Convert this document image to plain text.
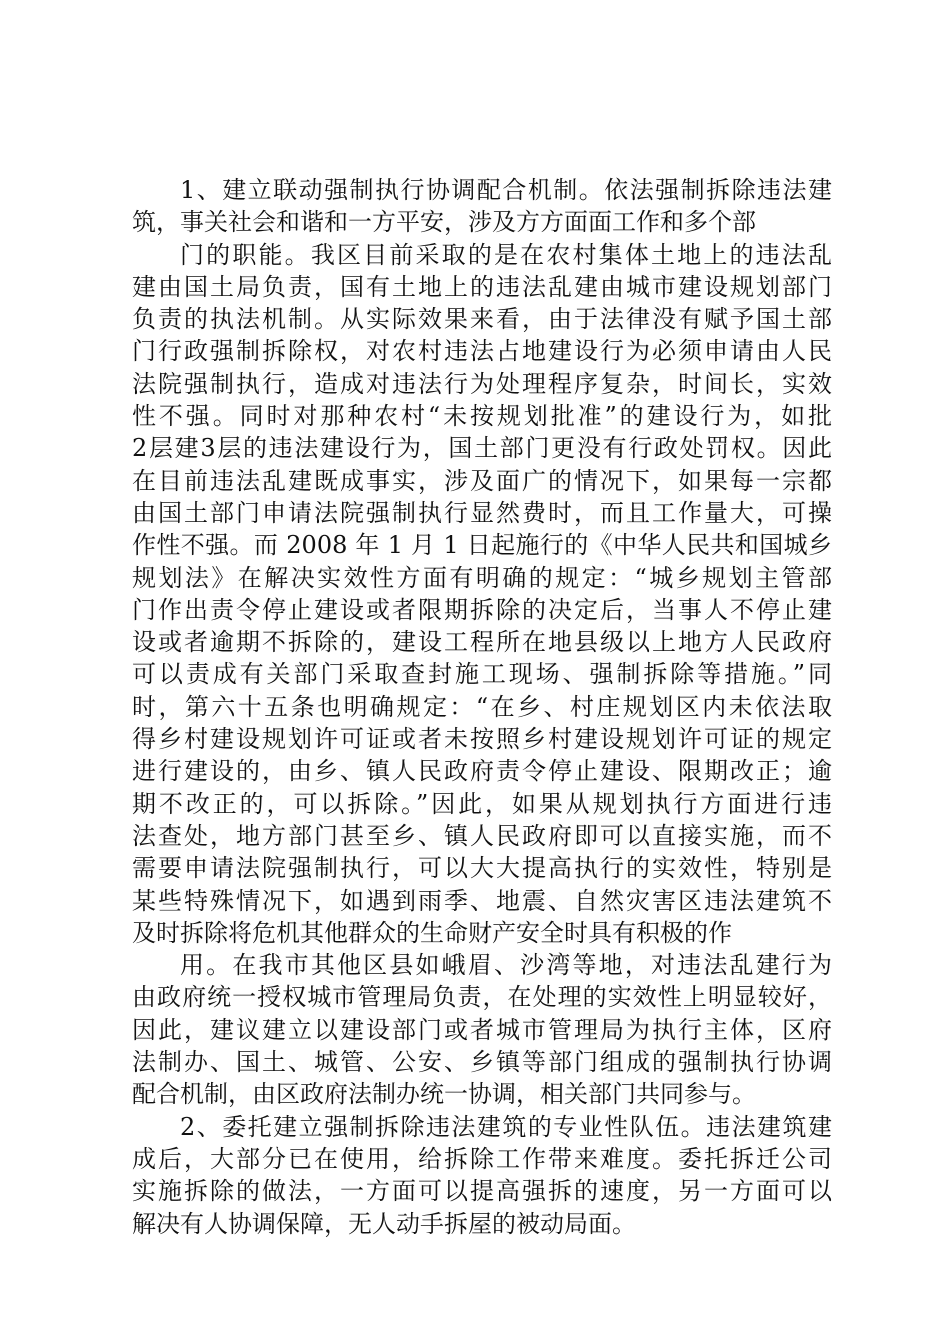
1、建立联动强制执行协调配合机制。依法强制拆除违法建
筑，事关社会和谐和一方平安，涉及方方面面工作和多个部
门的职能。我区目前采取的是在农村集体土地上的违法乱
建由国土局负责，国有土地上的违法乱建由城市建设规划部门
负责的执法机制。从实际效果来看，由于法律没有赋予国土部
门行政强制拆除权，对农村违法占地建设行为必须申请由人民
法院强制执行，造成对违法行为处理程序复杂，时间长，实效
性不强。同时对那种农村“未按规划批准”的建设行为，如批
2层建3层的违法建设行为，国土部门更没有行政处罚权。因此
在目前违法乱建既成事实，涉及面广的情况下，如果每一宗都
由国土部门申请法院强制执行显然费时，而且工作量大，可操
作性不强。而 2008 年 1 月 1 日起施行的《中华人民共和国城乡
规划法》在解决实效性方面有明确的规定：“城乡规划主管部
门作出责令停止建设或者限期拆除的决定后，当事人不停止建
设或者逾期不拆除的，建设工程所在地县级以上地方人民政府
可以责成有关部门采取查封施工现场、强制拆除等措施。”同
时，第六十五条也明确规定：“在乡、村庄规划区内未依法取
得乡村建设规划许可证或者未按照乡村建设规划许可证的规定
进行建设的，由乡、镇人民政府责令停止建设、限期改正；逾
期不改正的，可以拆除。”因此，如果从规划执行方面进行违
法查处，地方部门甚至乡、镇人民政府即可以直接实施，而不
需要申请法院强制执行，可以大大提高执行的实效性，特别是
某些特殊情况下，如遇到雨季、地震、自然灾害区违法建筑不
及时拆除将危机其他群众的生命财产安全时具有积极的作
用。在我市其他区县如峨眉、沙湾等地，对违法乱建行为
由政府统一授权城市管理局负责，在处理的实效性上明显较好，
因此，建议建立以建设部门或者城市管理局为执行主体，区府
法制办、国土、城管、公安、乡镇等部门组成的强制执行协调
配合机制，由区政府法制办统一协调，相关部门共同参与。
2、委托建立强制拆除违法建筑的专业性队伍。违法建筑建
成后，大部分已在使用，给拆除工作带来难度。委托拆迁公司
实施拆除的做法，一方面可以提高强拆的速度，另一方面可以
解决有人协调保障，无人动手拆屋的被动局面。
